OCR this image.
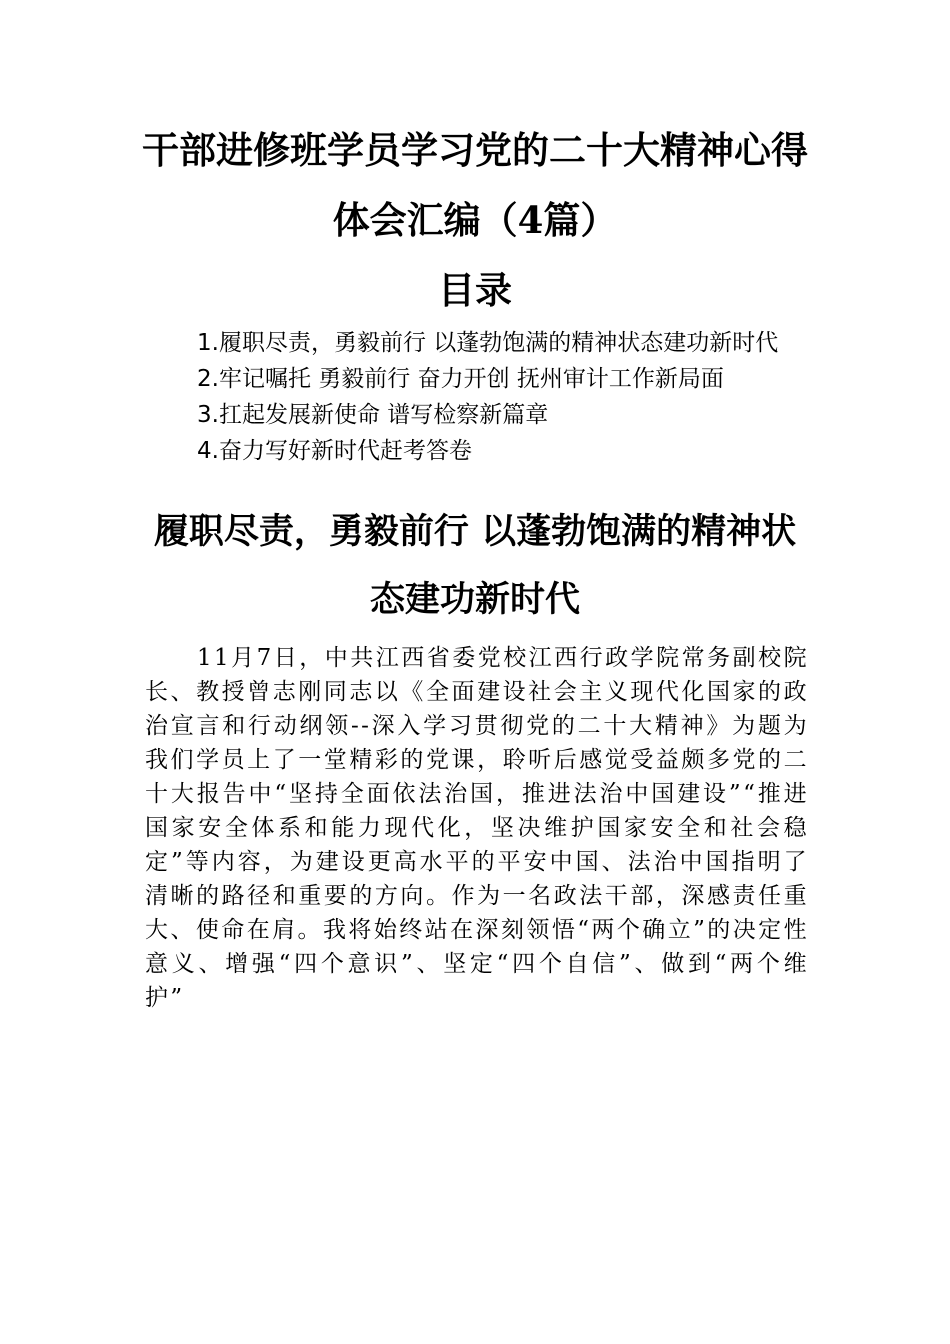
干部进修班学员学习党的二十大精神心得
体会汇编（4篇）
目录

1.履职尽责，勇毅前行 以蓬勃饱满的精神状态建功新时代

2.牢记嘱托 勇毅前行 奋力开创 抚州审计工作新局面

3.扛起发展新使命 谱写检察新篇章

4.奋力写好新时代赶考答卷

履职尽责，勇毅前行 以蓬勃饱满的精神状
态建功新时代

11月7日，中共江西省委党校江西行政学院常务副校院长、教授曾志刚同志以《全面建设社会主义现代化国家的政治宣言和行动纲领--深入学习贯彻党的二十大精神》为题为我们学员上了一堂精彩的党课，聆听后感觉受益颇多党的二十大报告中“坚持全面依法治国，推进法治中国建设”“推进国家安全体系和能力现代化，坚决维护国家安全和社会稳定”等内容，为建设更高水平的平安中国、法治中国指明了清晰的路径和重要的方向。作为一名政法干部，深感责任重大、使命在肩。我将始终站在深刻领悟“两个确立”的决定性意义、增强“四个意识”、坚定“四个自信”、做到“两个维护”
